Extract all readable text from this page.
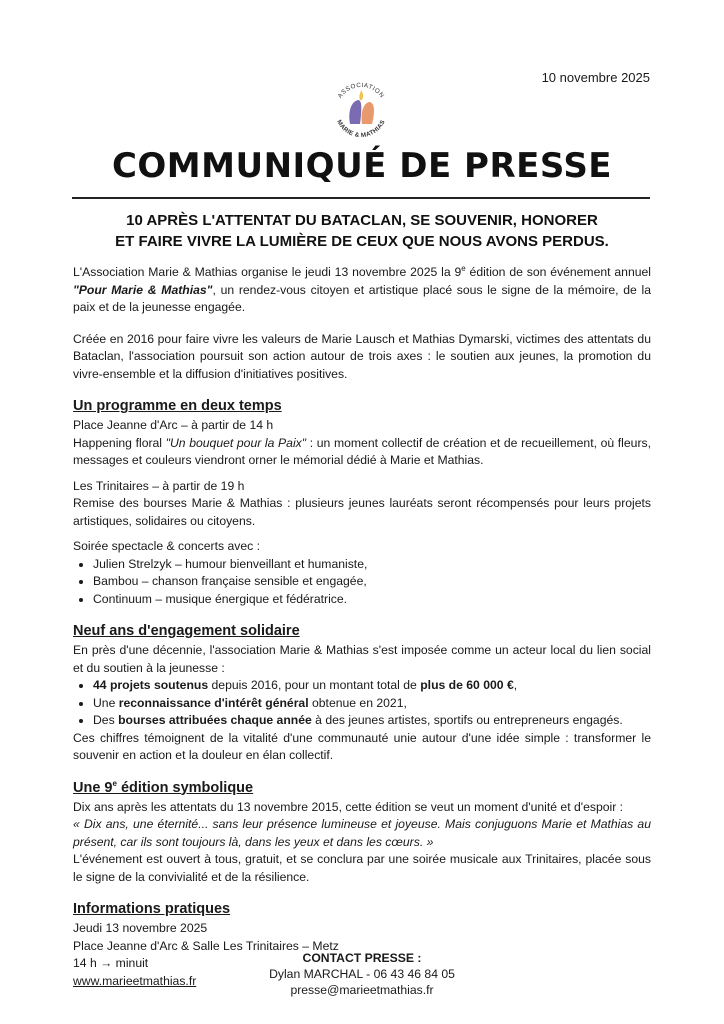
10 novembre 2025
ASSOCIATION
MARIE & MATHIAS
COMMUNIQUÉ DE PRESSE
10 APRÈS L'ATTENTAT DU BATACLAN, SE SOUVENIR, HONORER
ET FAIRE VIVRE LA LUMIÈRE DE CEUX QUE NOUS AVONS PERDUS.

L'Association Marie & Mathias organise le jeudi 13 novembre 2025 la 9e édition de son événement annuel "Pour Marie & Mathias", un rendez-vous citoyen et artistique placé sous le signe de la mémoire, de la paix et de la jeunesse engagée.

Créée en 2016 pour faire vivre les valeurs de Marie Lausch et Mathias Dymarski, victimes des attentats du Bataclan, l'association poursuit son action autour de trois axes : le soutien aux jeunes, la promotion du vivre-ensemble et la diffusion d'initiatives positives.

Un programme en deux temps

Place Jeanne d'Arc – à partir de 14 h

Happening floral "Un bouquet pour la Paix" : un moment collectif de création et de recueillement, où fleurs, messages et couleurs viendront orner le mémorial dédié à Marie et Mathias.

Les Trinitaires – à partir de 19 h

Remise des bourses Marie & Mathias : plusieurs jeunes lauréats seront récompensés pour leurs projets artistiques, solidaires ou citoyens.

Soirée spectacle & concerts avec :

• Julien Strelzyk – humour bienveillant et humaniste,
• Bambou – chanson française sensible et engagée,
• Continuum – musique énergique et fédératrice.
Neuf ans d'engagement solidaire

En près d'une décennie, l'association Marie & Mathias s'est imposée comme un acteur local du lien social et du soutien à la jeunesse :

• 44 projets soutenus depuis 2016, pour un montant total de plus de 60 000 €,
• Une reconnaissance d'intérêt général obtenue en 2021,
• Des bourses attribuées chaque année à des jeunes artistes, sportifs ou entrepreneurs engagés.

Ces chiffres témoignent de la vitalité d'une communauté unie autour d'une idée simple : transformer le souvenir en action et la douleur en élan collectif.

Une 9e édition symbolique

Dix ans après les attentats du 13 novembre 2015, cette édition se veut un moment d'unité et d'espoir :

« Dix ans, une éternité... sans leur présence lumineuse et joyeuse. Mais conjuguons Marie et Mathias au présent, car ils sont toujours là, dans les yeux et dans les cœurs. »

L'événement est ouvert à tous, gratuit, et se conclura par une soirée musicale aux Trinitaires, placée sous le signe de la convivialité et de la résilience.

Informations pratiques

Jeudi 13 novembre 2025

Place Jeanne d'Arc & Salle Les Trinitaires – Metz

14 h → minuit

www.marieetmathias.fr

CONTACT PRESSE :
Dylan MARCHAL - 06 43 46 84 05
presse@marieetmathias.fr
